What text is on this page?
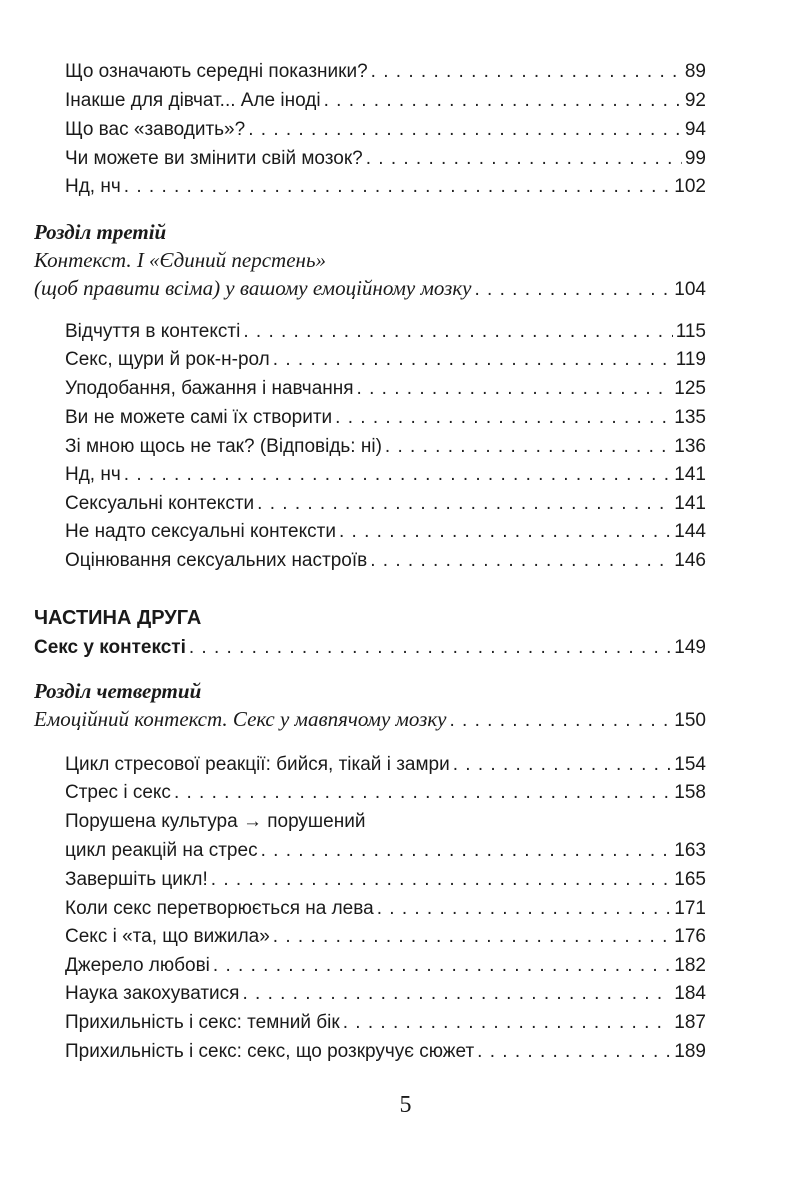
Що означають середні показники? . . .	89
Інакше для дівчат... Але іноді . . .	92
Що вас «заводить»? . . .	94
Чи можете ви змінити свій мозок? . . .	99
Нд, нч . . .	102
Розділ третій
Контекст. І «Єдиний перстень»
(щоб правити всіма) у вашому емоційному мозку . . .	104
Відчуття в контексті . . .	115
Секс, щури й рок-н-рол . . .	119
Уподобання, бажання і навчання . . .	125
Ви не можете самі їх створити . . .	135
Зі мною щось не так? (Відповідь: ні) . . .	136
Нд, нч . . .	141
Сексуальні контексти . . .	141
Не надто сексуальні контексти . . .	144
Оцінювання сексуальних настроїв . . .	146
ЧАСТИНА ДРУГА
Секс у контексті . . .	149
Розділ четвертий
Емоційний контекст. Секс у мавпячому мозку . . .	150
Цикл стресової реакції: бийся, тікай і замри . . .	154
Стрес і секс . . .	158
Порушена культура → порушений
цикл реакцій на стрес . . .	163
Завершіть цикл! . . .	165
Коли секс перетворюється на лева . . .	171
Секс і «та, що вижила» . . .	176
Джерело любові . . .	182
Наука закохуватися . . .	184
Прихильність і секс: темний бік . . .	187
Прихильність і секс: секс, що розкручує сюжет . . .	189
5
